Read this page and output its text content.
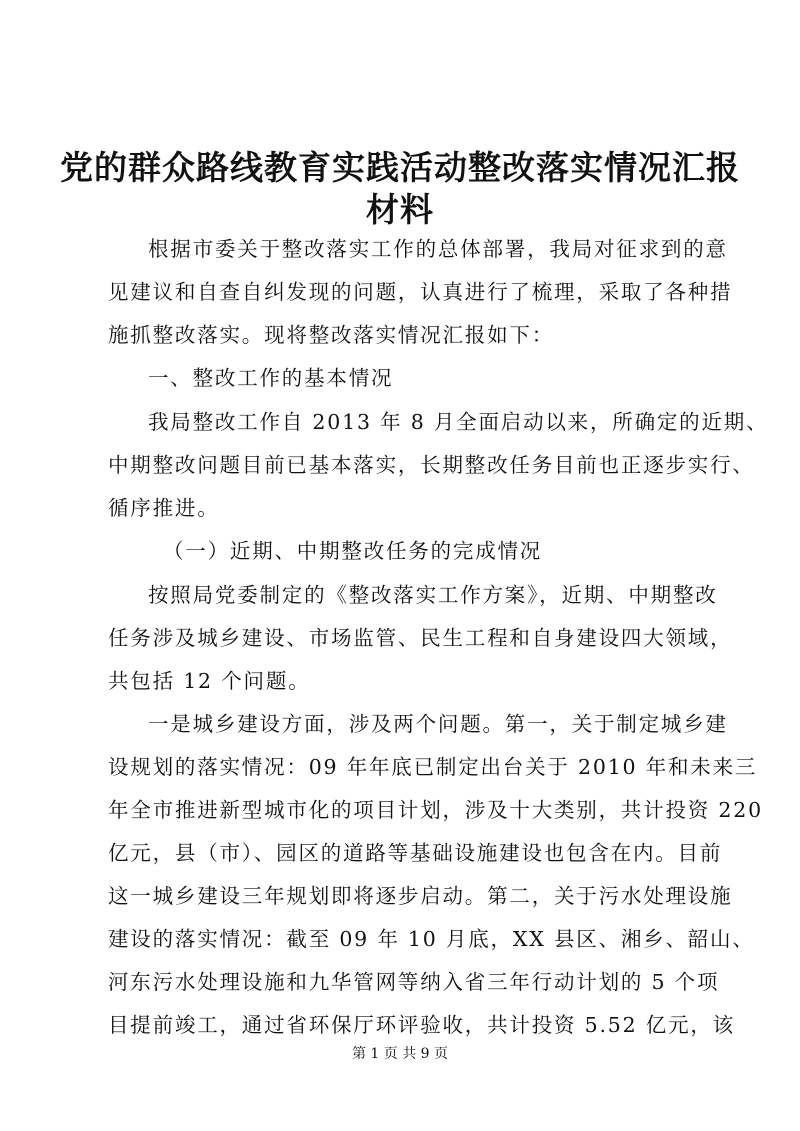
党的群众路线教育实践活动整改落实情况汇报
材料
根据市委关于整改落实工作的总体部署，我局对征求到的意
见建议和自查自纠发现的问题，认真进行了梳理，采取了各种措
施抓整改落实。现将整改落实情况汇报如下：
一、整改工作的基本情况
我局整改工作自 2013 年 8 月全面启动以来，所确定的近期、
中期整改问题目前已基本落实，长期整改任务目前也正逐步实行、
循序推进。
（一）近期、中期整改任务的完成情况
按照局党委制定的《整改落实工作方案》，近期、中期整改
任务涉及城乡建设、市场监管、民生工程和自身建设四大领域，
共包括 12 个问题。
一是城乡建设方面，涉及两个问题。第一，关于制定城乡建
设规划的落实情况：09 年年底已制定出台关于 2010 年和未来三
年全市推进新型城市化的项目计划，涉及十大类别，共计投资 220
亿元，县（市）、园区的道路等基础设施建设也包含在内。目前
这一城乡建设三年规划即将逐步启动。第二，关于污水处理设施
建设的落实情况：截至 09 年 10 月底，XX 县区、湘乡、韶山、
河东污水处理设施和九华管网等纳入省三年行动计划的 5 个项
目提前竣工，通过省环保厅环评验收，共计投资 5.52 亿元，该
第 1 页 共 9 页
